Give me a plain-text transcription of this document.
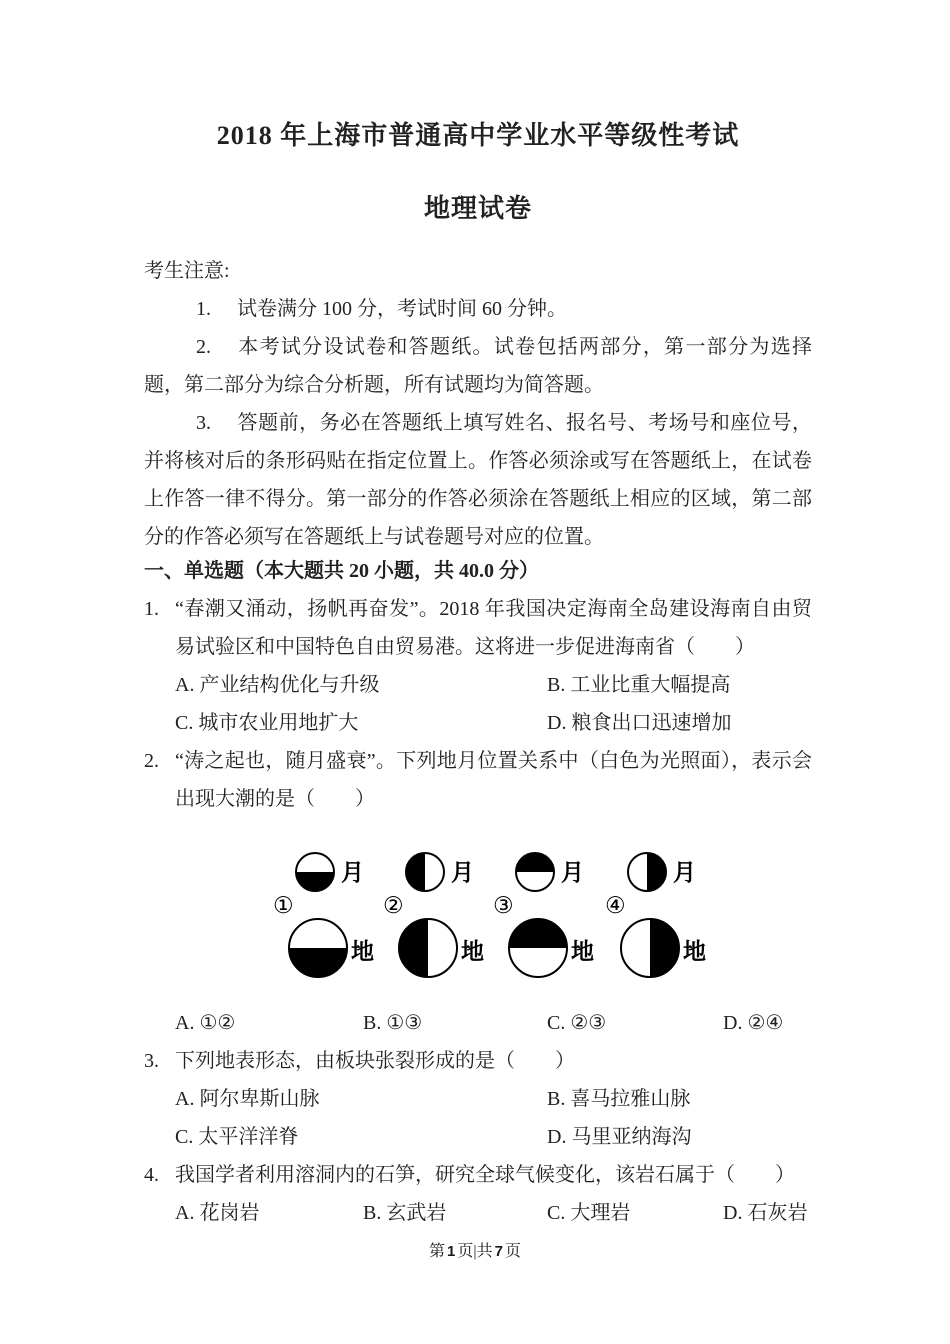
2018 年上海市普通高中学业水平等级性考试
地理试卷

考生注意:

1. 试卷满分 100 分，考试时间 60 分钟。

2. 本考试分设试卷和答题纸。试卷包括两部分，第一部分为选择题，第二部分为综合分析题，所有试题均为简答题。

3. 答题前，务必在答题纸上填写姓名、报名号、考场号和座位号，并将核对后的条形码贴在指定位置上。作答必须涂或写在答题纸上，在试卷上作答一律不得分。第一部分的作答必须涂在答题纸上相应的区域，第二部分的作答必须写在答题纸上与试卷题号对应的位置。

一、单选题（本大题共 20 小题，共 40.0 分）

1. “春潮又涌动，扬帆再奋发”。2018 年我国决定海南全岛建设海南自由贸易试验区和中国特色自由贸易港。这将进一步促进海南省（　　）

A. 产业结构优化与升级	B. 工业比重大幅提高
C. 城市农业用地扩大	D. 粮食出口迅速增加

2. “涛之起也，随月盛衰”。下列地月位置关系中（白色为光照面），表示会出现大潮的是（　　）

月
①
地
月
②
地
月
③
地
月
④
地
A. ①②	B. ①③	C. ②③	D. ②④

3. 下列地表形态，由板块张裂形成的是（　　）

A. 阿尔卑斯山脉	B. 喜马拉雅山脉
C. 太平洋洋脊	D. 马里亚纳海沟

4. 我国学者利用溶洞内的石笋，研究全球气候变化，该岩石属于（　　）

A. 花岗岩	B. 玄武岩	C. 大理岩	D. 石灰岩
第 1 页|共 7 页
